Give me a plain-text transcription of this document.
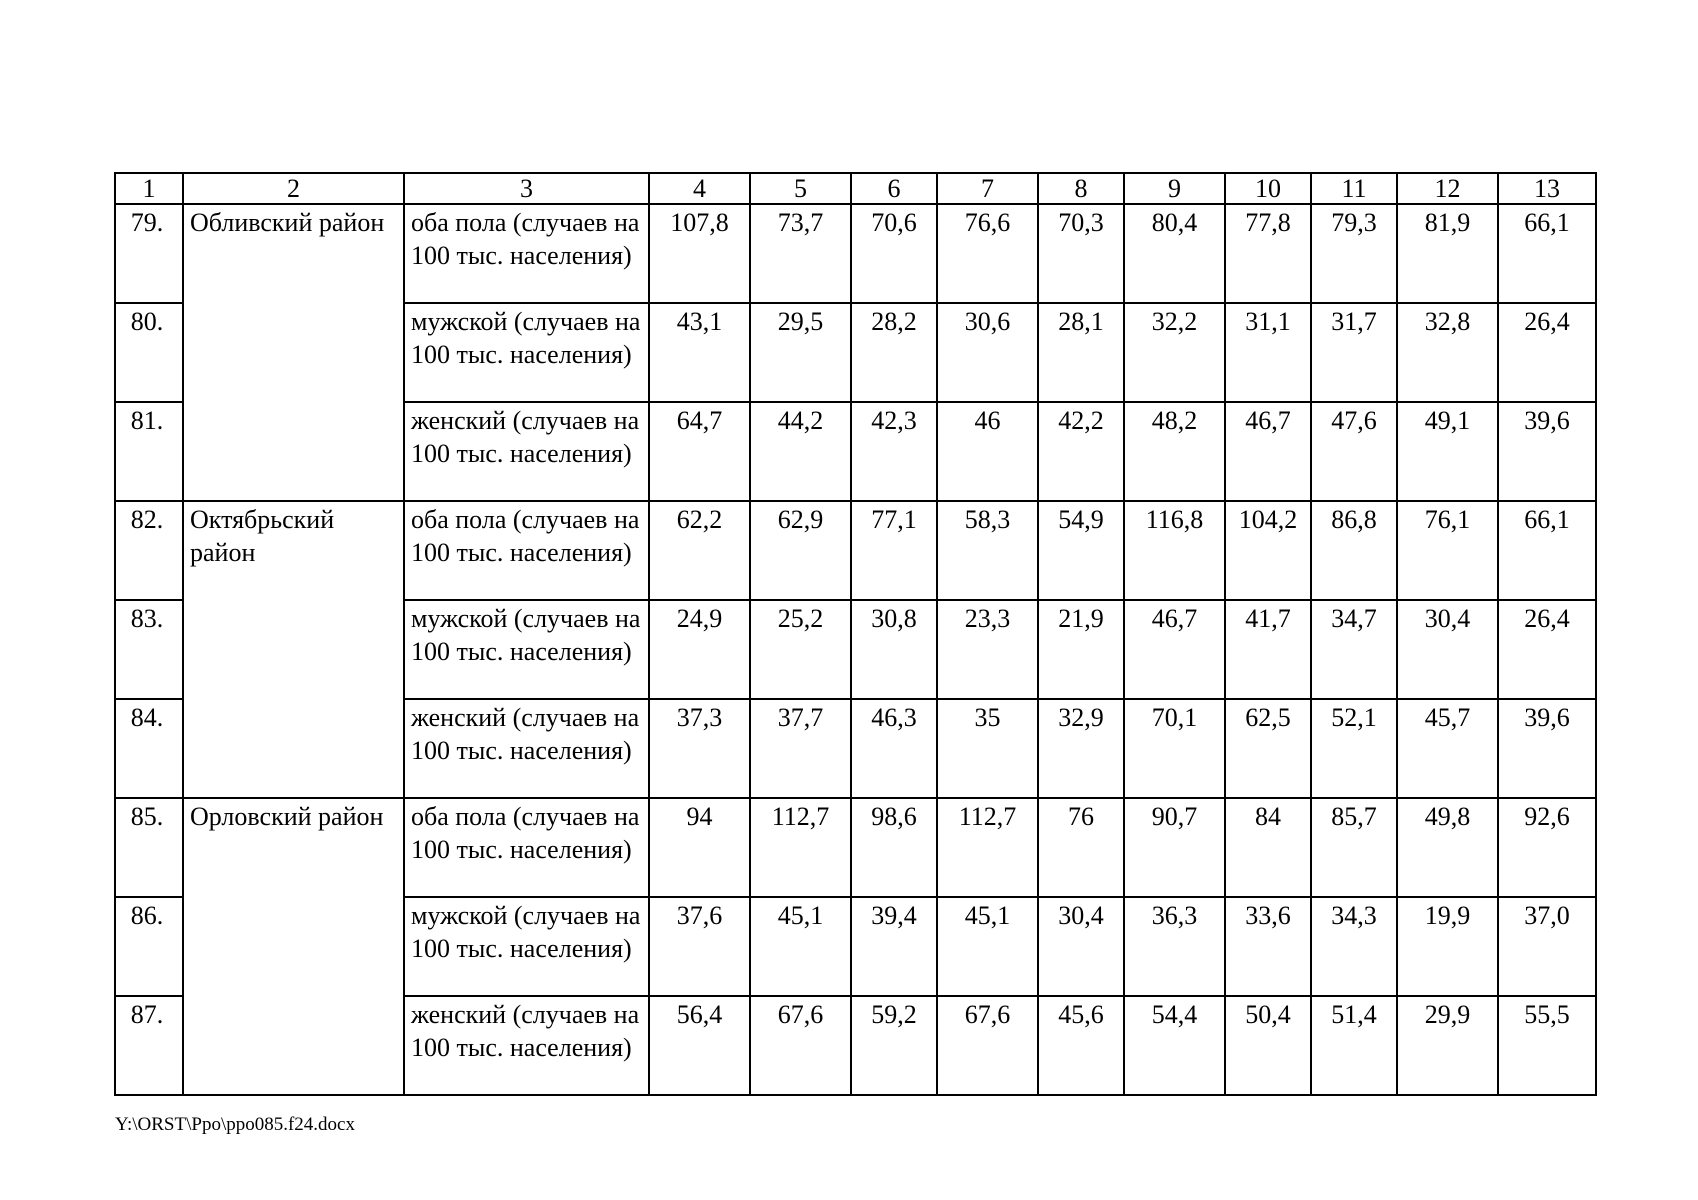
1	2	3	4	5	6	7	8	9	10	11	12	13
79.	Обливский район	оба пола (случаев на 100 тыс. населения)	107,8	73,7	70,6	76,6	70,3	80,4	77,8	79,3	81,9	66,1
80.		мужской (случаев на 100 тыс. населения)	43,1	29,5	28,2	30,6	28,1	32,2	31,1	31,7	32,8	26,4
81.		женский (случаев на 100 тыс. населения)	64,7	44,2	42,3	46	42,2	48,2	46,7	47,6	49,1	39,6
82.	Октябрьский район	оба пола (случаев на 100 тыс. населения)	62,2	62,9	77,1	58,3	54,9	116,8	104,2	86,8	76,1	66,1
83.		мужской (случаев на 100 тыс. населения)	24,9	25,2	30,8	23,3	21,9	46,7	41,7	34,7	30,4	26,4
84.		женский (случаев на 100 тыс. населения)	37,3	37,7	46,3	35	32,9	70,1	62,5	52,1	45,7	39,6
85.	Орловский район	оба пола (случаев на 100 тыс. населения)	94	112,7	98,6	112,7	76	90,7	84	85,7	49,8	92,6
86.		мужской (случаев на 100 тыс. населения)	37,6	45,1	39,4	45,1	30,4	36,3	33,6	34,3	19,9	37,0
87.		женский (случаев на 100 тыс. населения)	56,4	67,6	59,2	67,6	45,6	54,4	50,4	51,4	29,9	55,5
Y:\ORST\Ppo\ppo085.f24.docx
